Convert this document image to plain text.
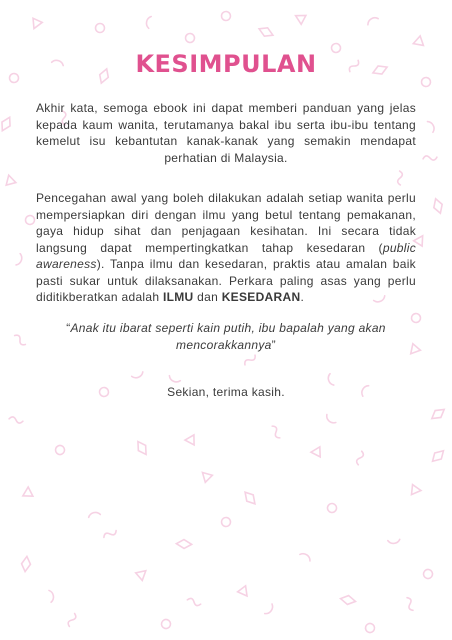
KESIMPULAN

Akhir kata, semoga ebook ini dapat memberi panduan yang jelas kepada kaum wanita, terutamanya bakal ibu serta ibu-ibu tentang kemelut isu kebantutan kanak-kanak yang semakin mendapat perhatian di Malaysia.

Pencegahan awal yang boleh dilakukan adalah setiap wanita perlu mempersiapkan diri dengan ilmu yang betul tentang pemakanan, gaya hidup sihat dan penjagaan kesihatan. Ini secara tidak langsung dapat mempertingkatkan tahap kesedaran (public awareness). Tanpa ilmu dan kesedaran, praktis atau amalan baik pasti sukar untuk dilaksanakan. Perkara paling asas yang perlu diditikberatkan adalah ILMU dan KESEDARAN.

“Anak itu ibarat seperti kain putih, ibu bapalah yang akan mencorakkannya”

Sekian, terima kasih.
